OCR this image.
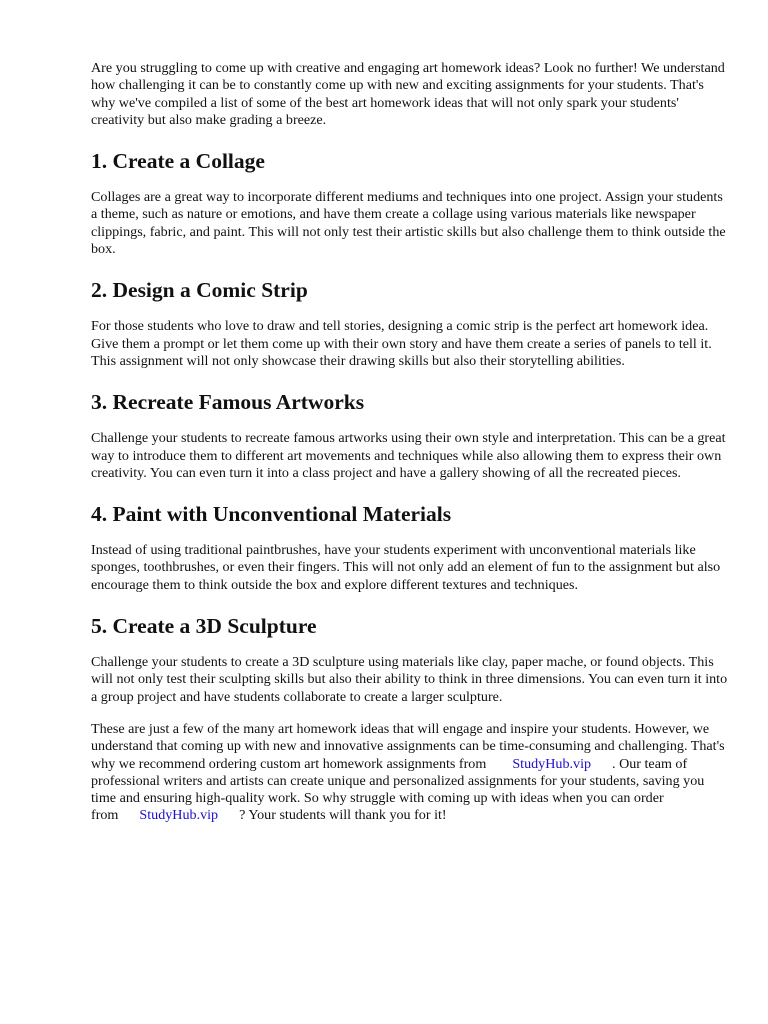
Are you struggling to come up with creative and engaging art homework ideas? Look no further! We understand how challenging it can be to constantly come up with new and exciting assignments for your students. That's why we've compiled a list of some of the best art homework ideas that will not only spark your students' creativity but also make grading a breeze.

1. Create a Collage

Collages are a great way to incorporate different mediums and techniques into one project. Assign your students a theme, such as nature or emotions, and have them create a collage using various materials like newspaper clippings, fabric, and paint. This will not only test their artistic skills but also challenge them to think outside the box.

2. Design a Comic Strip

For those students who love to draw and tell stories, designing a comic strip is the perfect art homework idea. Give them a prompt or let them come up with their own story and have them create a series of panels to tell it. This assignment will not only showcase their drawing skills but also their storytelling abilities.

3. Recreate Famous Artworks

Challenge your students to recreate famous artworks using their own style and interpretation. This can be a great way to introduce them to different art movements and techniques while also allowing them to express their own creativity. You can even turn it into a class project and have a gallery showing of all the recreated pieces.

4. Paint with Unconventional Materials

Instead of using traditional paintbrushes, have your students experiment with unconventional materials like sponges, toothbrushes, or even their fingers. This will not only add an element of fun to the assignment but also encourage them to think outside the box and explore different textures and techniques.

5. Create a 3D Sculpture

Challenge your students to create a 3D sculpture using materials like clay, paper mache, or found objects. This will not only test their sculpting skills but also their ability to think in three dimensions. You can even turn it into a group project and have students collaborate to create a larger sculpture.

These are just a few of the many art homework ideas that will engage and inspire your students. However, we understand that coming up with new and innovative assignments can be time-consuming and challenging. That's why we recommend ordering custom art homework assignments from StudyHub.vip . Our team of professional writers and artists can create unique and personalized assignments for your students, saving you time and ensuring high-quality work. So why struggle with coming up with ideas when you can order from StudyHub.vip ? Your students will thank you for it!
